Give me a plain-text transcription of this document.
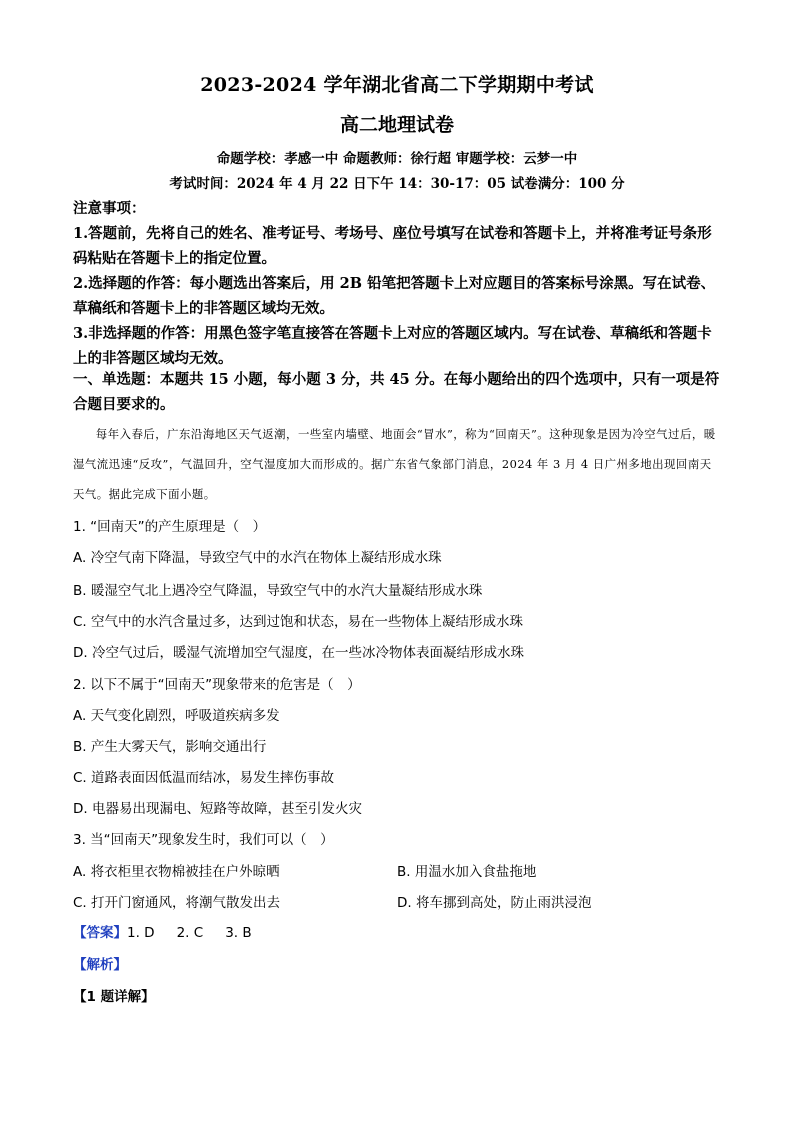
2023-2024 学年湖北省高二下学期期中考试
高二地理试卷
命题学校：孝感一中 命题教师：徐行超 审题学校：云梦一中
考试时间：2024 年 4 月 22 日下午 14：30-17：05 试卷满分：100 分

注意事项：

1.答题前，先将自己的姓名、准考证号、考场号、座位号填写在试卷和答题卡上，并将准考证号条形码粘贴在答题卡上的指定位置。

2.选择题的作答：每小题选出答案后，用 2B 铅笔把答题卡上对应题目的答案标号涂黑。写在试卷、草稿纸和答题卡上的非答题区域均无效。

3.非选择题的作答：用黑色签字笔直接答在答题卡上对应的答题区域内。写在试卷、草稿纸和答题卡上的非答题区域均无效。

一、单选题：本题共 15 小题，每小题 3 分，共 45 分。在每小题给出的四个选项中，只有一项是符合题目要求的。
每年入春后，广东沿海地区天气返潮，一些室内墙壁、地面会“冒水”，称为“回南天”。这种现象是因为冷空气过后，暖湿气流迅速“反攻”，气温回升，空气湿度加大而形成的。据广东省气象部门消息，2024 年 3 月 4 日广州多地出现回南天天气。据此完成下面小题。
1. “回南天”的产生原理是（　）
A. 冷空气南下降温，导致空气中的水汽在物体上凝结形成水珠
B. 暖湿空气北上遇冷空气降温，导致空气中的水汽大量凝结形成水珠
C. 空气中的水汽含量过多，达到过饱和状态，易在一些物体上凝结形成水珠
D. 冷空气过后，暖湿气流增加空气湿度，在一些冰冷物体表面凝结形成水珠
2. 以下不属于“回南天”现象带来的危害是（　）
A. 天气变化剧烈，呼吸道疾病多发
B. 产生大雾天气，影响交通出行
C. 道路表面因低温而结冰，易发生摔伤事故
D. 电器易出现漏电、短路等故障，甚至引发火灾
3. 当“回南天”现象发生时，我们可以（　）
A. 将衣柜里衣物棉被挂在户外晾晒	B. 用温水加入食盐拖地
C. 打开门窗通风，将潮气散发出去	D. 将车挪到高处，防止雨洪浸泡
【答案】1. D 2. C 3. B
【解析】
【1 题详解】
